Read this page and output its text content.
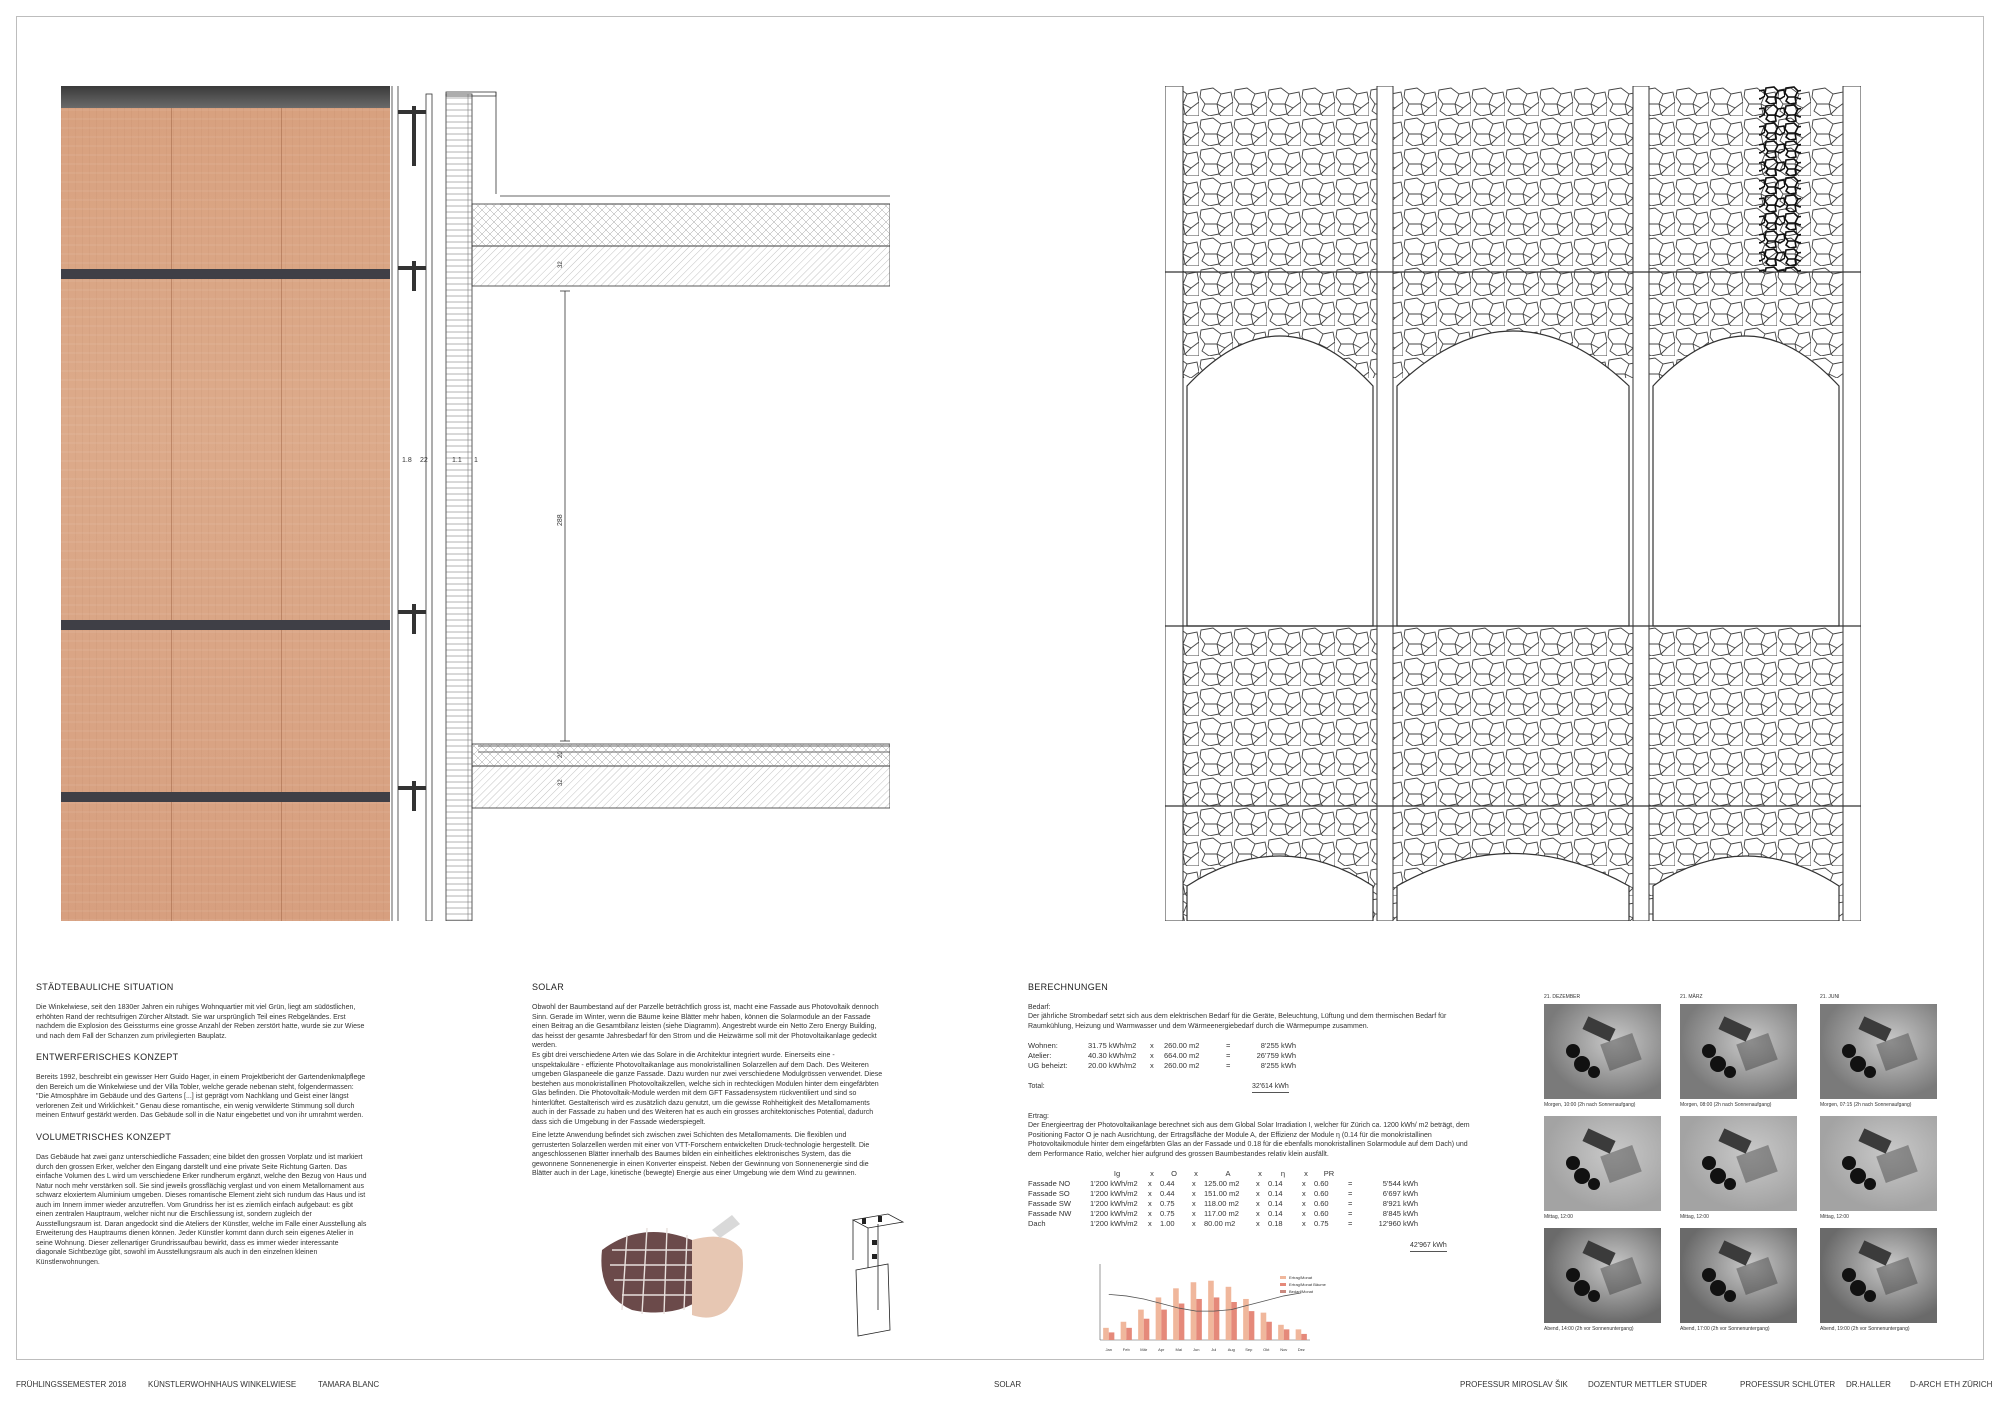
1.8 22	1.1 1
288
32
32
20
STÄDTEBAULICHE SITUATION
Die Winkelwiese, seit den 1830er Jahren ein ruhiges Wohnquartier mit viel Grün, liegt am südöstlichen, erhöhten Rand der rechtsufrigen Zürcher Altstadt. Sie war ursprünglich Teil eines Rebgeländes. Erst nachdem die Explosion des Geissturms eine grosse Anzahl der Reben zerstört hatte, wurde sie zur Wiese und nach dem Fall der Schanzen zum privilegierten Bauplatz.
ENTWERFERISCHES KONZEPT
Bereits 1992, beschreibt ein gewisser Herr Guido Hager, in einem Projektbericht der Gartendenkmalpflege den Bereich um die Winkelwiese und der Villa Tobler, welche gerade nebenan steht, folgendermassen: "Die Atmosphäre im Gebäude und des Gartens [...] ist geprägt vom Nachklang und Geist einer längst verlorenen Zeit und Wirklichkeit." Genau diese romantische, ein wenig verwilderte Stimmung soll durch meinen Entwurf gestärkt werden. Das Gebäude soll in die Natur eingebettet und von ihr umrahmt werden.
VOLUMETRISCHES KONZEPT
Das Gebäude hat zwei ganz unterschiedliche Fassaden; eine bildet den grossen Vorplatz und ist markiert durch den grossen Erker, welcher den Eingang darstellt und eine private Seite Richtung Garten. Das einfache Volumen des L wird um verschiedene Erker rundherum ergänzt, welche den Bezug von Haus und Natur noch mehr verstärken soll. Sie sind jeweils grossflächig verglast und von einem Metallornament aus schwarz eloxiertem Aluminium umgeben. Dieses romantische Element zieht sich rundum das Haus und ist auch im Innern immer wieder anzutreffen. Vom Grundriss her ist es ziemlich einfach aufgebaut: es gibt einen zentralen Hauptraum, welcher nicht nur die Erschliessung ist, sondern zugleich der Ausstellungsraum ist. Daran angedockt sind die Ateliers der Künstler, welche im Falle einer Ausstellung als Erweiterung des Hauptraums dienen können. Jeder Künstler kommt dann durch sein eigenes Atelier in seine Wohnung. Dieser zellenartiger Grundrissaufbau bewirkt, dass es immer wieder interessante diagonale Sichtbezüge gibt, sowohl im Ausstellungsraum als auch in den einzelnen kleinen Künstlerwohnungen.
SOLAR
Obwohl der Baumbestand auf der Parzelle beträchtlich gross ist, macht eine Fassade aus Photovoltaik dennoch Sinn. Gerade im Winter, wenn die Bäume keine Blätter mehr haben, können die Solarmodule an der Fassade einen Beitrag an die Gesamtbilanz leisten (siehe Diagramm). Angestrebt wurde ein Netto Zero Energy Building, das heisst der gesamte Jahresbedarf für den Strom und die Heizwärme soll mit der Photovoltaikanlage gedeckt werden.
Es gibt drei verschiedene Arten wie das Solare in die Architektur integriert wurde. Einerseits eine - unspektakuläre - effiziente Photovoltaikanlage aus monokristallinen Solarzellen auf dem Dach. Des Weiteren umgeben Glaspaneele die ganze Fassade. Dazu wurden nur zwei verschiedene Modulgrössen verwendet. Diese bestehen aus monokristallinen Photovoltaikzellen, welche sich in rechteckigen Modulen hinter dem eingefärbten Glas befinden. Die Photovoltaik-Module werden mit dem GFT Fassadensystem rückventiliert und sind so hinterlüftet. Gestalterisch wird es zusätzlich dazu genutzt, um die gewisse Rohheitigkeit des Metallornaments auch in der Fassade zu haben und des Weiteren hat es auch ein grosses architektonisches Potential, dadurch dass sich die Umgebung in der Fassade wiederspiegelt.
Eine letzte Anwendung befindet sich zwischen zwei Schichten des Metallornaments. Die flexiblen und gerrusterten Solarzellen werden mit einer von VTT-Forschern entwickelten Druck-technologie hergestellt. Die angeschlossenen Blätter innerhalb des Baumes bilden ein einheitliches elektronisches System, das die gewonnene Sonnenenergie in einen Konverter einspeist. Neben der Gewinnung von Sonnenenergie sind die Blätter auch in der Lage, kinetische (bewegte) Energie aus einer Umgebung wie dem Wind zu gewinnen.
BERECHNUNGEN
Bedarf:
Der jährliche Strombedarf setzt sich aus dem elektrischen Bedarf für die Geräte, Beleuchtung, Lüftung und dem thermischen Bedarf für Raumkühlung, Heizung und Warmwasser und dem Wärmeenergiebedarf durch die Wärmepumpe zusammen.
Wohnen:	31.75 kWh/m2	x	260.00 m2	=	8'255 kWh
Atelier:	40.30 kWh/m2	x	664.00 m2	=	26'759 kWh
UG beheizt:	20.00 kWh/m2	x	260.00 m2	=	8'255 kWh
Total:	32'614 kWh
Ertrag:
Der Energieertrag der Photovoltaikanlage berechnet sich aus dem Global Solar Irradiation I, welcher für Zürich ca. 1200 kWh/ m2 beträgt, dem Positioning Factor O je nach Ausrichtung, der Ertragsfläche der Module A, der Effizienz der Module η (0.14 für die monokristallinen Photovoltaikmodule hinter dem eingefärbten Glas an der Fassade und 0.18 für die ebenfalls monokristallinen Solarmodule auf dem Dach) und dem Performance Ratio, welcher hier aufgrund des grossen Baumbestandes relativ klein ausfällt.
	Ig	x	O	x	A	x	η	x	PR		
Fassade NO	1'200 kWh/m2	x	0.44	x	125.00 m2	x	0.14	x	0.60	=	5'544 kWh
Fassade SO	1'200 kWh/m2	x	0.44	x	151.00 m2	x	0.14	x	0.60	=	6'697 kWh
Fassade SW	1'200 kWh/m2	x	0.75	x	118.00 m2	x	0.14	x	0.60	=	8'921 kWh
Fassade NW	1'200 kWh/m2	x	0.75	x	117.00 m2	x	0.14	x	0.60	=	8'845 kWh
Dach	1'200 kWh/m2	x	1.00	x	80.00 m2	x	0.18	x	0.75	=	12'960 kWh
42'967 kWh
Jan	Feb	Mär	Apr	Mai	Jun	Jul	Aug	Sep	Okt	Nov	Dez
Ertrag/Monat
Ertrag/Monat Bäume
Bedarf/Monat
21. DEZEMBER	21. MÄRZ	21. JUNI
Morgen, 10:00 (2h nach Sonnenaufgang)	Morgen, 08:00 (2h nach Sonnenaufgang)	Morgen, 07:15 (2h nach Sonnenaufgang)
Mittag, 12:00	Mittag, 12:00	Mittag, 12:00
Abend, 14:00 (2h vor Sonnenuntergang)	Abend, 17:00 (2h vor Sonnenuntergang)	Abend, 19:00 (2h vor Sonnenuntergang)
FRÜHLINGSSEMESTER 2018	KÜNSTLERWOHNHAUS WINKELWIESE	TAMARA BLANC	SOLAR	PROFESSUR MIROSLAV ŠIK	DOZENTUR METTLER STUDER	PROFESSUR SCHLÜTER DR.HALLER D-ARCH ETH ZÜRICH
